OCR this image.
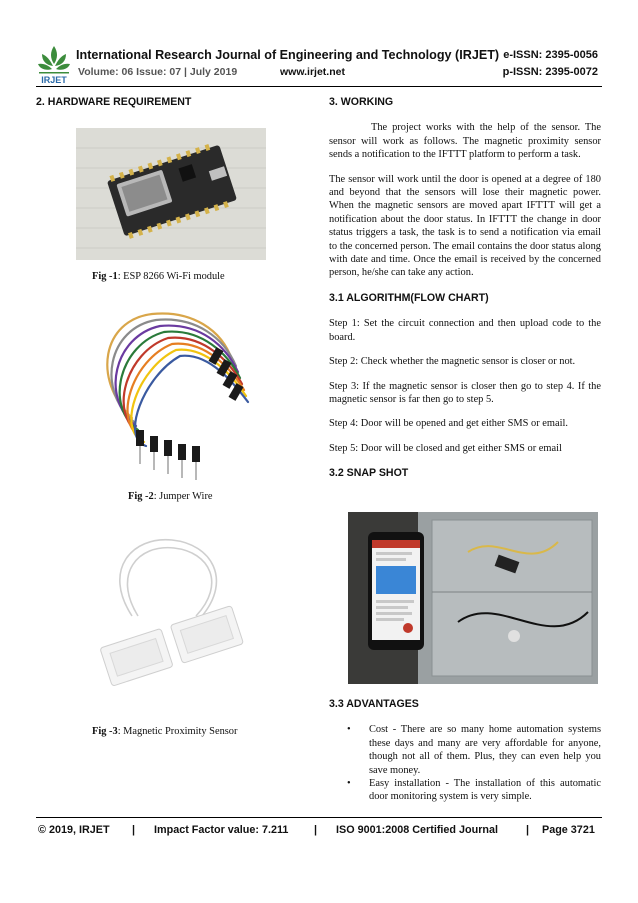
IRJET
International Research Journal of Engineering and Technology (IRJET) e-ISSN: 2395-0056
Volume: 06 Issue: 07 | July 2019	www.irjet.net	p-ISSN: 2395-0072
2. HARDWARE REQUIREMENT
Fig -1: ESP 8266 Wi-Fi module
Fig -2: Jumper Wire
Fig -3: Magnetic Proximity Sensor
3. WORKING

The project works with the help of the sensor. The sensor will work as follows. The magnetic proximity sensor sends a notification to the IFTTT platform to perform a task.

The sensor will work until the door is opened at a degree of 180 and beyond that the sensors will lose their magnetic power. When the magnetic sensors are moved apart IFTTT will get a notification about the door status. In IFTTT the change in door status triggers a task, the task is to send a notification via email to the concerned person. The email contains the door status along with date and time. Once the email is received by the concerned person, he/she can take any action.

3.1 ALGORITHM(FLOW CHART)

Step 1: Set the circuit connection and then upload code to the board.

Step 2: Check whether the magnetic sensor is closer or not.

Step 3: If the magnetic sensor is closer then go to step 4. If the magnetic sensor is far then go to step 5.

Step 4: Door will be opened and get either SMS or email.

Step 5: Door will be closed and get either SMS or email

3.2 SNAP SHOT
3.3 ADVANTAGES
• Cost - There are so many home automation systems these days and many are very affordable for anyone, though not all of them. Plus, they can even help you save money.
• Easy installation - The installation of this automatic door monitoring system is very simple.
© 2019, IRJET | Impact Factor value: 7.211 | ISO 9001:2008 Certified Journal	| Page 3721
